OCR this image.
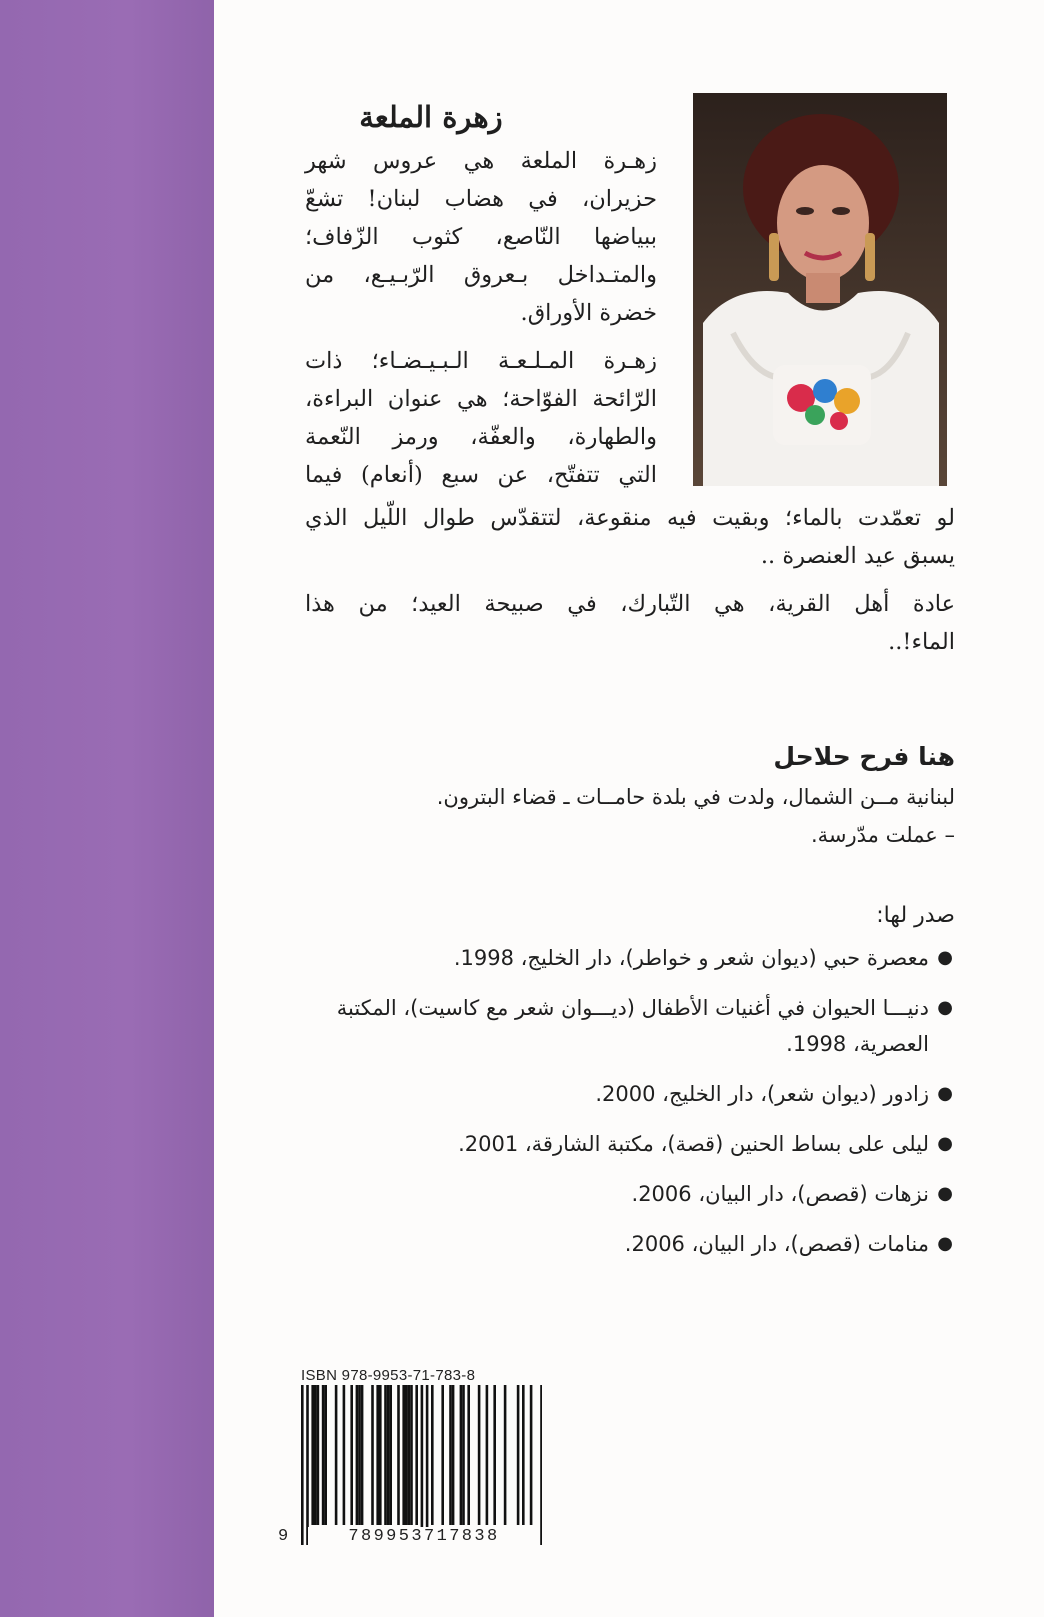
زهرة الملعة
زهـرة الملعة هي عروس شهر
حزيران، في هضاب لبنان! تشعّ
ببياضها النّاصع، كثوب الزّفاف؛
والمتـداخل بـعروق الرّبـيـع، من
خضرة الأوراق.
زهـرة المـلـعـة الـبـيـضـاء؛ ذات
الرّائحة الفوّاحة؛ هي عنوان البراءة،
والطهارة، والعفّة، ورمز النّعمة
التي تتفتّح، عن سبع (أنعام) فيما
لو تعمّدت بالماء؛ وبقيت فيه منقوعة، لتتقدّس طوال اللّيل الذي
يسبق عيد العنصرة ..
عادة أهل القرية، هي التّبارك، في صبيحة العيد؛ من هذا
الماء!..
هنا فرح حلاحل
لبنانية مــن الشمال، ولدت في بلدة حامــات ـ قضاء البترون.
– عملت مدّرسة.
صدر لها:
●
معصرة حبي (ديوان شعر و خواطر)، دار الخليج، 1998.
●
دنيـــا الحيوان في أغنيات الأطفال (ديـــوان شعر مع كاسيت)، المكتبة العصرية، 1998.
●
زادور (ديوان شعر)، دار الخليج، 2000.
●
ليلى على بساط الحنين (قصة)، مكتبة الشارقة، 2001.
●
نزهات (قصص)، دار البيان، 2006.
●
منامات (قصص)، دار البيان، 2006.
ISBN 978-9953-71-783-8
9	789953717838
